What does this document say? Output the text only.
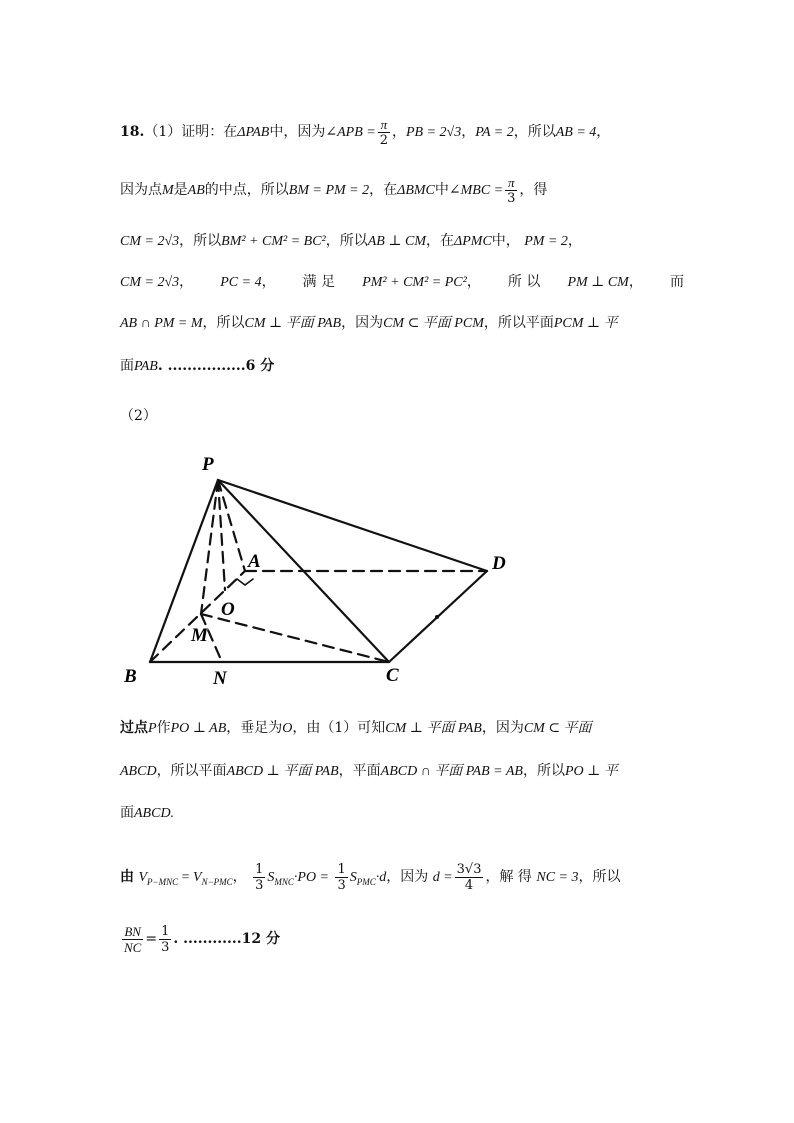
18.（1）证明：在ΔPAB中，因为∠APB = $\frac{\pi}{2}$ ，PB = 2√3，PA = 2，所以AB = 4，
因为点M是AB的中点，所以BM = PM = 2，在ΔBMC中∠MBC = $\frac{\pi}{3}$ ，得
CM = 2√3，所以BM² + CM² = BC²，所以AB ⊥ CM，在ΔPMC中， PM = 2，
CM = 2√3， PC = 4， 满 足 PM² + CM² = PC²， 所 以 PM ⊥ CM， 而
AB ∩ PM = M，所以CM ⊥ 平面 PAB，因为CM ⊂ 平面 PCM，所以平面PCM ⊥ 平
面PAB. ................6 分
（2）
P
A	D
O
M
B	N	C
过点P作PO ⊥ AB，垂足为O，由（1）可知CM ⊥ 平面 PAB，因为CM ⊂ 平面
ABCD，所以平面ABCD ⊥ 平面 PAB，平面ABCD ∩ 平面 PAB = AB，所以PO ⊥ 平
面ABCD.
由 $V_{P-MNC} = V_{N-PMC}$， $\frac{1}{3} S_{MNC}\cdot PO = \frac{1}{3} S_{PMC}\cdot d$，因为 $d = \frac{3√3}{4}$ ，解 得 NC = 3，所以
$\frac{BN}{NC} = \frac{1}{3}$ . ............12 分
